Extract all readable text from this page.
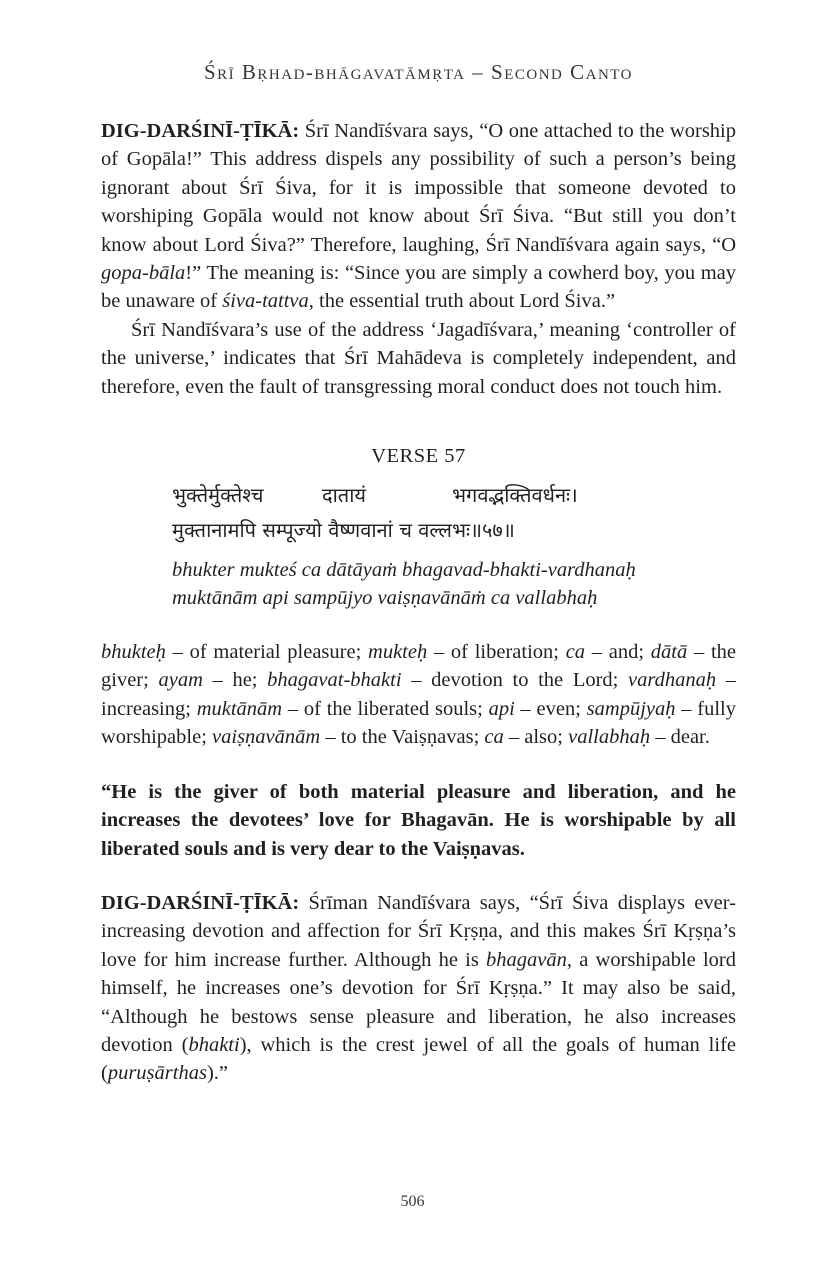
Śrī Bṛhad-bhāgavatāmṛta – Second Canto

DIG-DARŚINĪ-ṬĪKĀ: Śrī Nandīśvara says, “O one attached to the worship of Gopāla!” This address dispels any possibility of such a person’s being ignorant about Śrī Śiva, for it is impossible that someone devoted to worshiping Gopāla would not know about Śrī Śiva. “But still you don’t know about Lord Śiva?” Therefore, laughing, Śrī Nandīśvara again says, “O gopa-bāla!” The meaning is: “Since you are simply a cowherd boy, you may be unaware of śiva-tattva, the essential truth about Lord Śiva.”

Śrī Nandīśvara’s use of the address ‘Jagadīśvara,’ meaning ‘controller of the universe,’ indicates that Śrī Mahādeva is completely independent, and therefore, even the fault of transgressing moral conduct does not touch him.

VERSE 57
भुक्तेर्मुक्तेश्च	दातायं	भगवद्भक्तिवर्धनः।
मुक्तानामपि सम्पूज्यो वैष्णवानां च वल्लभः॥५७॥
bhukter mukteś ca dātāyaṁ bhagavad-bhakti-vardhanaḥ
muktānām api sampūjyo vaiṣṇavānāṁ ca vallabhaḥ

bhukteḥ – of material pleasure; mukteḥ – of liberation; ca – and; dātā – the giver; ayam – he; bhagavat-bhakti – devotion to the Lord; vardhanaḥ – increasing; muktānām – of the liberated souls; api – even; sampūjyaḥ – fully worshipable; vaiṣṇavānām – to the Vaiṣṇavas; ca – also; vallabhaḥ – dear.

“He is the giver of both material pleasure and liberation, and he increases the devotees’ love for Bhagavān. He is worshipable by all liberated souls and is very dear to the Vaiṣṇavas.

DIG-DARŚINĪ-ṬĪKĀ: Śrīman Nandīśvara says, “Śrī Śiva displays ever-increasing devotion and affection for Śrī Kṛṣṇa, and this makes Śrī Kṛṣṇa’s love for him increase further. Although he is bhagavān, a worshipable lord himself, he increases one’s devotion for Śrī Kṛṣṇa.” It may also be said, “Although he bestows sense pleasure and liberation, he also increases devotion (bhakti), which is the crest jewel of all the goals of human life (puruṣārthas).”

506
